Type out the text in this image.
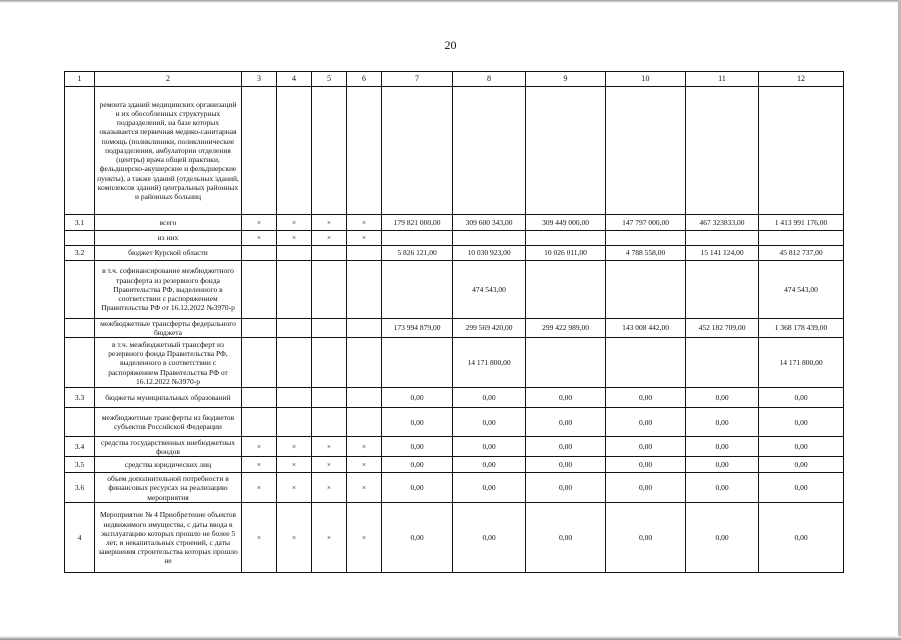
20
1	2	3	4	5	6	7	8	9	10	11	12
	ремонта зданий медицинских организаций и их обособленных структурных подразделений, на базе которых оказывается первичная медико-санитарная помощь (поликлиники, поликлинические подразделения, амбулатории отделения (центры) врача общей практики, фельдшерско-акушерские и фельдшерские пункты), а также зданий (отдельных зданий, комплексов зданий) центральных районных и районных больниц										
3.1	всего	×	×	×	×	179 821 000,00	309 600 343,00	309 449 000,00	147 797 000,00	467 323833,00	1 413 991 176,00
	из них	×	×	×	×						
3.2	бюджет Курской области					5 826 121,00	10 030 923,00	10 026 011,00	4 788 558,00	15 141 124,00	45 812 737,00
	в т.ч. софинансирование межбюджетного трансферта из резервного фонда Правительства РФ, выделенного в соответствии с распоряжением Правительства РФ от 16.12.2022 №3970-р						474 543,00				474 543,00
	межбюджетные трансферты федерального бюджета					173 994 879,00	299 569 420,00	299 422 989,00	143 008 442,00	452 182 709,00	1 368 178 439,00
	в т.ч. межбюджетный трансферт из резервного фонда Правительства РФ, выделенного в соответствии с распоряжением Правительства РФ от 16.12.2022 №3970-р						14 171 800,00				14 171 800,00
3.3	бюджеты муниципальных образований					0,00	0,00	0,00	0,00	0,00	0,00
	межбюджетные трансферты из бюджетов субъектов Российской Федерации					0,00	0,00	0,00	0,00	0,00	0,00
3.4	средства государственных внебюджетных фондов	×	×	×	×	0,00	0,00	0,00	0,00	0,00	0,00
3.5	средства юридических лиц	×	×	×	×	0,00	0,00	0,00	0,00	0,00	0,00
3.6	объем дополнительной потребности в финансовых ресурсах на реализацию мероприятия	×	×	×	×	0,00	0,00	0,00	0,00	0,00	0,00
4	Мероприятие № 4 Приобретение объектов недвижимого имущества, с даты ввода в эксплуатацию которых прошло не более 5 лет, и некапитальных строений, с даты завершения строительства которых прошло не	×	×	×	×	0,00	0,00	0,00	0,00	0,00	0,00
